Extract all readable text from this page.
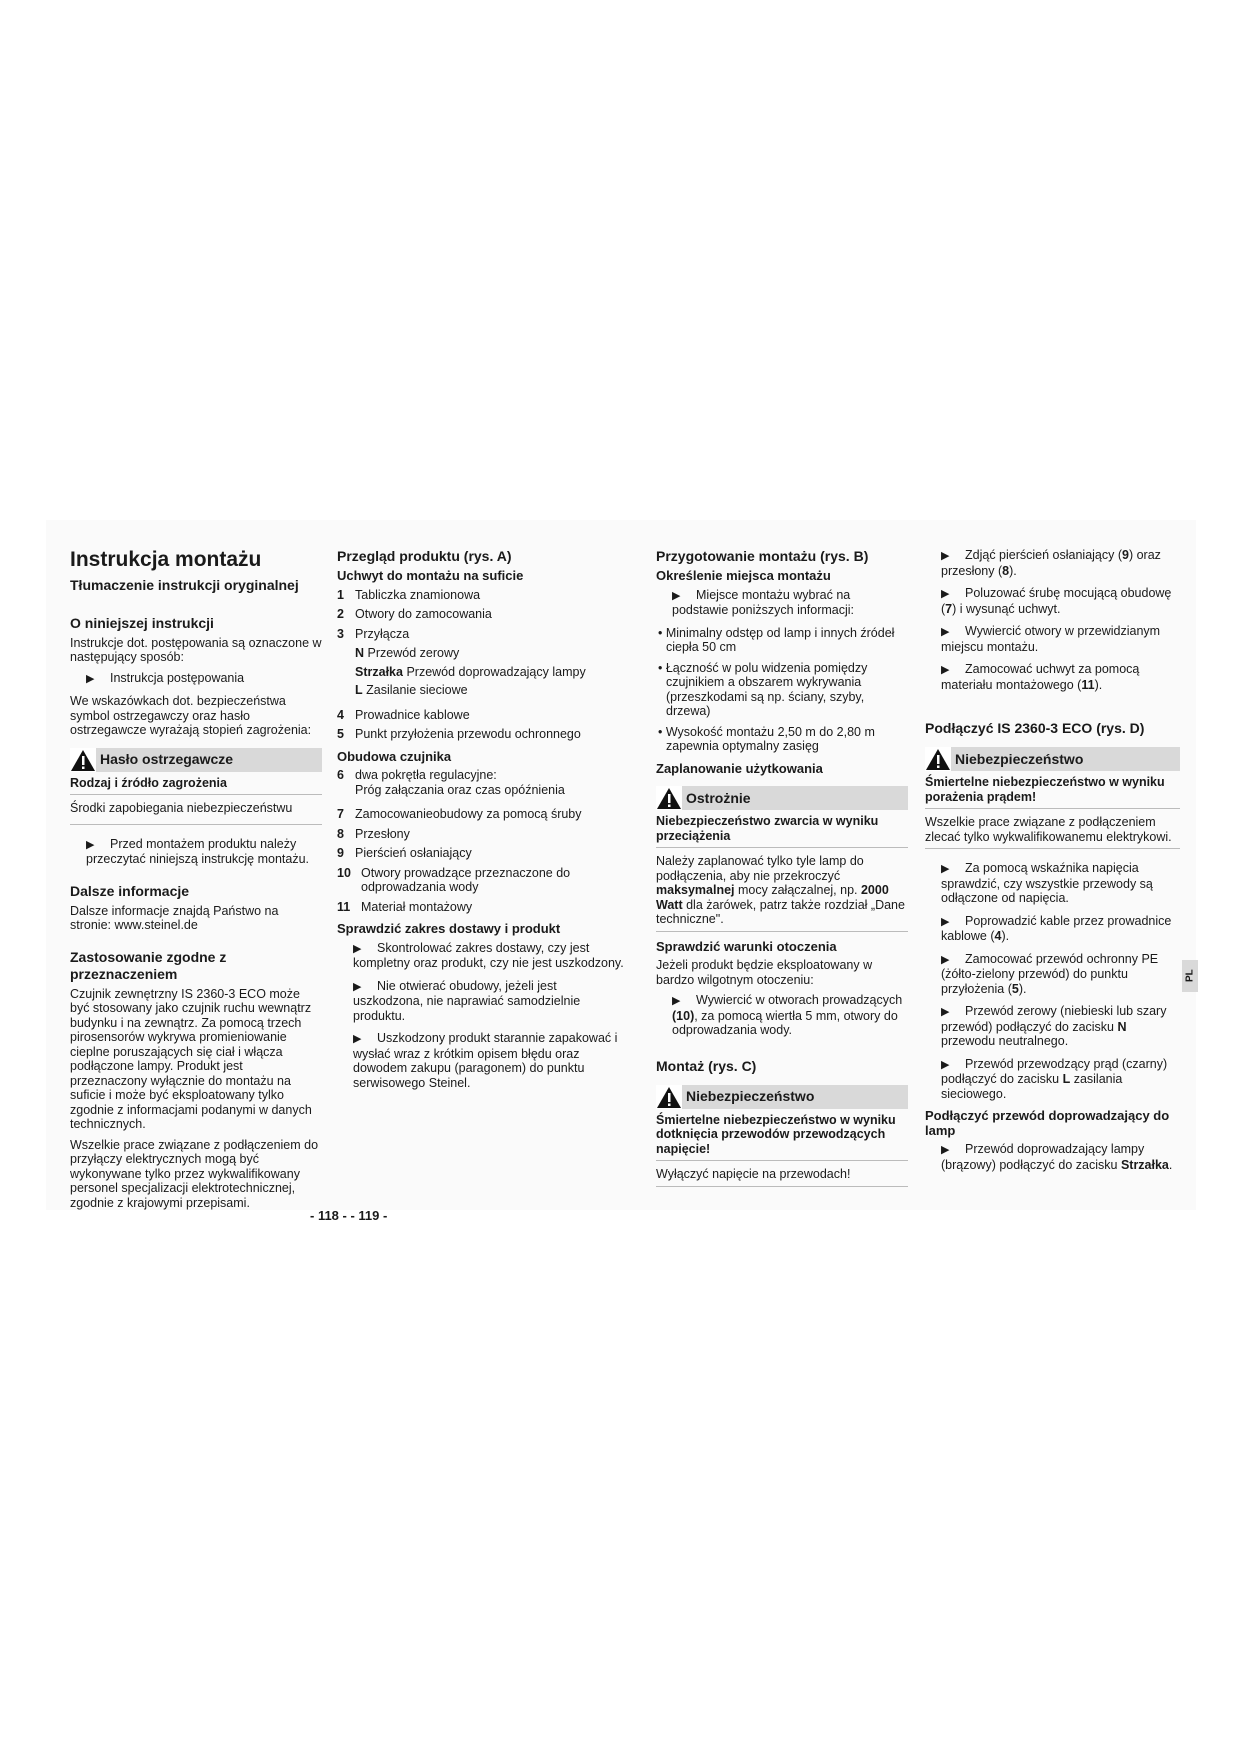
Instrukcja montażu
Tłumaczenie instrukcji oryginalnej
O niniejszej instrukcji

Instrukcje dot. postępowania są oznaczone w następujący sposób:

▶ Instrukcja postępowania

We wskazówkach dot. bezpieczeństwa symbol ostrzegawczy oraz hasło ostrzegawcze wyrażają stopień zagrożenia:

Hasło ostrzegawcze

Rodzaj i źródło zagrożenia

Środki zapobiegania niebezpieczeństwu

▶ Przed montażem produktu należy przeczytać niniejszą instrukcję montażu.

Dalsze informacje

Dalsze informacje znajdą Państwo na stronie: www.steinel.de

Zastosowanie zgodne z przeznaczeniem

Czujnik zewnętrzny IS 2360-3 ECO może być stosowany jako czujnik ruchu wewnątrz budynku i na zewnątrz. Za pomocą trzech pirosensorów wykrywa promieniowanie cieplne poruszających się ciał i włącza podłączone lampy. Produkt jest przeznaczony wyłącznie do montażu na suficie i może być eksploatowany tylko zgodnie z informacjami podanymi w danych technicznych.

Wszelkie prace związane z podłączeniem do przyłączy elektrycznych mogą być wykonywane tylko przez wykwalifikowany personel specjalizacji elektrotechnicznej, zgodnie z krajowymi przepisami.

Przegląd produktu (rys. A)
Uchwyt do montażu na suficie
1 Tabliczka znamionowa
2 Otwory do zamocowania
3 Przyłącza

N Przewód zerowy

Strzałka Przewód doprowadzający lampy

L Zasilanie sieciowe

4 Prowadnice kablowe
5 Punkt przyłożenia przewodu ochronnego
Obudowa czujnika
6 dwa pokrętła regulacyjne:

Próg załączania oraz czas opóźnienia

7 Zamocowanieobudowy za pomocą śruby
8 Przesłony
9 Pierścień osłaniający
10 Otwory prowadzące przeznaczone do odprowadzania wody
11 Materiał montażowy
Sprawdzić zakres dostawy i produkt

▶ Skontrolować zakres dostawy, czy jest kompletny oraz produkt, czy nie jest uszkodzony.

▶ Nie otwierać obudowy, jeżeli jest uszkodzona, nie naprawiać samodzielnie produktu.

▶ Uszkodzony produkt starannie zapakować i wysłać wraz z krótkim opisem błędu oraz dowodem zakupu (paragonem) do punktu serwisowego Steinel.

Przygotowanie montażu (rys. B)
Określenie miejsca montażu

▶ Miejsce montażu wybrać na podstawie poniższych informacji:

• Minimalny odstęp od lamp i innych źródeł ciepła 50 cm

• Łączność w polu widzenia pomiędzy czujnikiem a obszarem wykrywania (przeszkodami są np. ściany, szyby, drzewa)

• Wysokość montażu 2,50 m do 2,80 m zapewnia optymalny zasięg

Zaplanowanie użytkowania
Ostrożnie

Niebezpieczeństwo zwarcia w wyniku przeciążenia

Należy zaplanować tylko tyle lamp do podłączenia, aby nie przekroczyć maksymalnej mocy załączalnej, np. 2000 Watt dla żarówek, patrz także rozdział „Dane techniczne".

Sprawdzić warunki otoczenia

Jeżeli produkt będzie eksploatowany w bardzo wilgotnym otoczeniu:

▶ Wywiercić w otworach prowadzących (10), za pomocą wiertła 5 mm, otwory do odprowadzania wody.

Montaż (rys. C)
Niebezpieczeństwo

Śmiertelne niebezpieczeństwo w wyniku dotknięcia przewodów przewodzących napięcie!

Wyłączyć napięcie na przewodach!

▶ Zdjąć pierścień osłaniający (9) oraz przesłony (8).

▶ Poluzować śrubę mocującą obudowę (7) i wysunąć uchwyt.

▶ Wywiercić otwory w przewidzianym miejscu montażu.

▶ Zamocować uchwyt za pomocą materiału montażowego (11).

Podłączyć IS 2360-3 ECO (rys. D)
Niebezpieczeństwo

Śmiertelne niebezpieczeństwo w wyniku porażenia prądem!

Wszelkie prace związane z podłączeniem zlecać tylko wykwalifikowanemu elektrykowi.

▶ Za pomocą wskaźnika napięcia sprawdzić, czy wszystkie przewody są odłączone od napięcia.

▶ Poprowadzić kable przez prowadnice kablowe (4).

▶ Zamocować przewód ochronny PE (żółto-zielony przewód) do punktu przyłożenia (5).

▶ Przewód zerowy (niebieski lub szary przewód) podłączyć do zacisku N przewodu neutralnego.

▶ Przewód przewodzący prąd (czarny) podłączyć do zacisku L zasilania sieciowego.

Podłączyć przewód doprowadzający do lamp

▶ Przewód doprowadzający lampy (brązowy) podłączyć do zacisku Strzałka.

PL
- 118 - - 119 -
